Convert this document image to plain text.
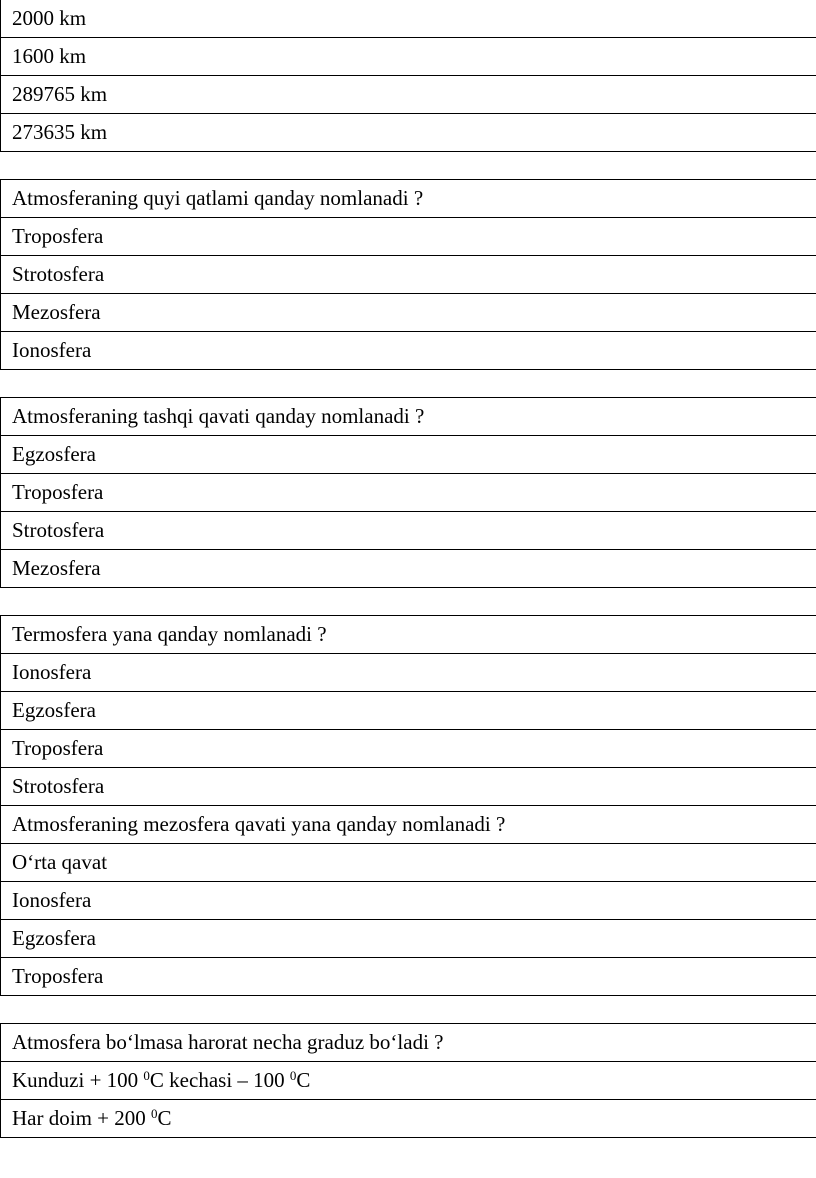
2000 km
1600 km
289765 km
273635 km
Atmosferaning quyi qatlami qanday nomlanadi ?
Troposfera
Strotosfera
Mezosfera
Ionosfera
Atmosferaning tashqi qavati qanday nomlanadi ?
Egzosfera
Troposfera
Strotosfera
Mezosfera
Termosfera yana qanday nomlanadi ?
Ionosfera
Egzosfera
Troposfera
Strotosfera
Atmosferaning mezosfera qavati yana qanday nomlanadi ?
O‘rta qavat
Ionosfera
Egzosfera
Troposfera
Atmosfera bo‘lmasa harorat necha graduz bo‘ladi ?
Kunduzi + 100 $^0$C kechasi – 100 $^0$C
Har doim + 200 $^0$C
